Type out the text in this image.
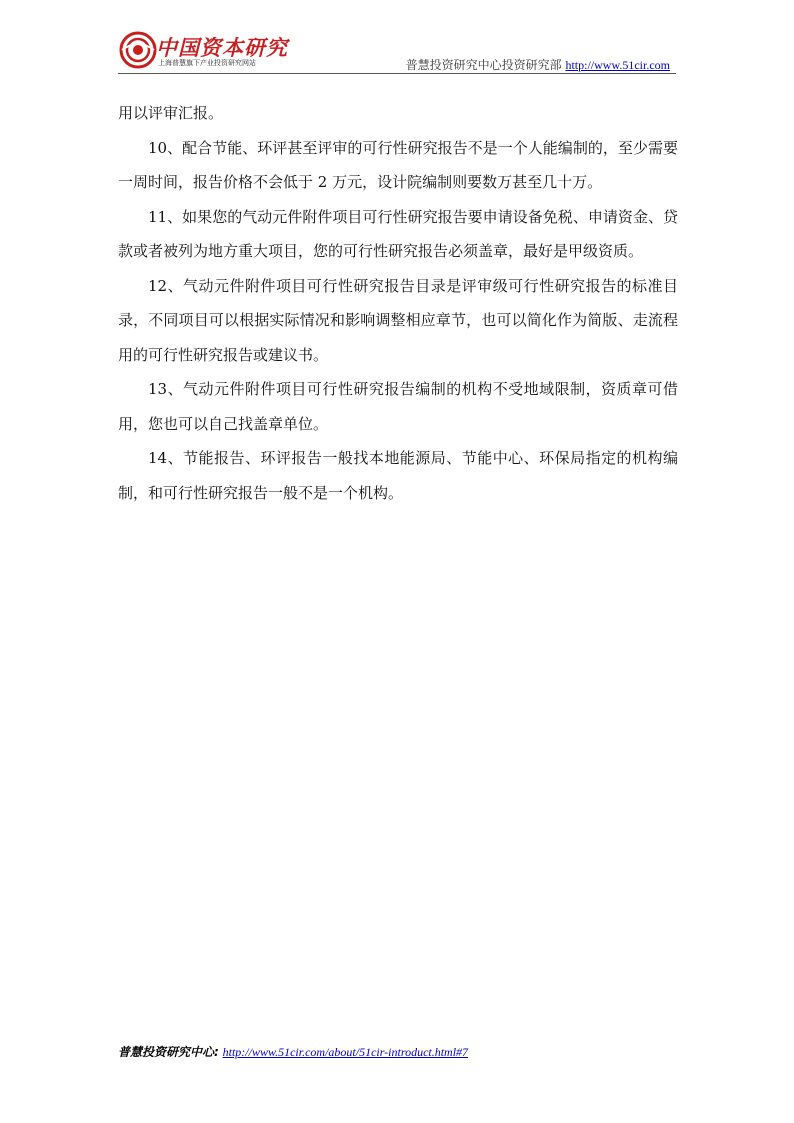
中国资本研究
上海普慧旗下产业投资研究网站	普慧投资研究中心投资研究部 http://www.51cir.com

用以评审汇报。

10、配合节能、环评甚至评审的可行性研究报告不是一个人能编制的，至少需要一周时间，报告价格不会低于 2 万元，设计院编制则要数万甚至几十万。

11、如果您的气动元件附件项目可行性研究报告要申请设备免税、申请资金、贷款或者被列为地方重大项目，您的可行性研究报告必须盖章，最好是甲级资质。

12、气动元件附件项目可行性研究报告目录是评审级可行性研究报告的标准目录，不同项目可以根据实际情况和影响调整相应章节，也可以简化作为简版、走流程用的可行性研究报告或建议书。

13、气动元件附件项目可行性研究报告编制的机构不受地域限制，资质章可借用，您也可以自己找盖章单位。

14、节能报告、环评报告一般找本地能源局、节能中心、环保局指定的机构编制，和可行性研究报告一般不是一个机构。

普慧投资研究中心: http://www.51cir.com/about/51cir-introduct.html#7
